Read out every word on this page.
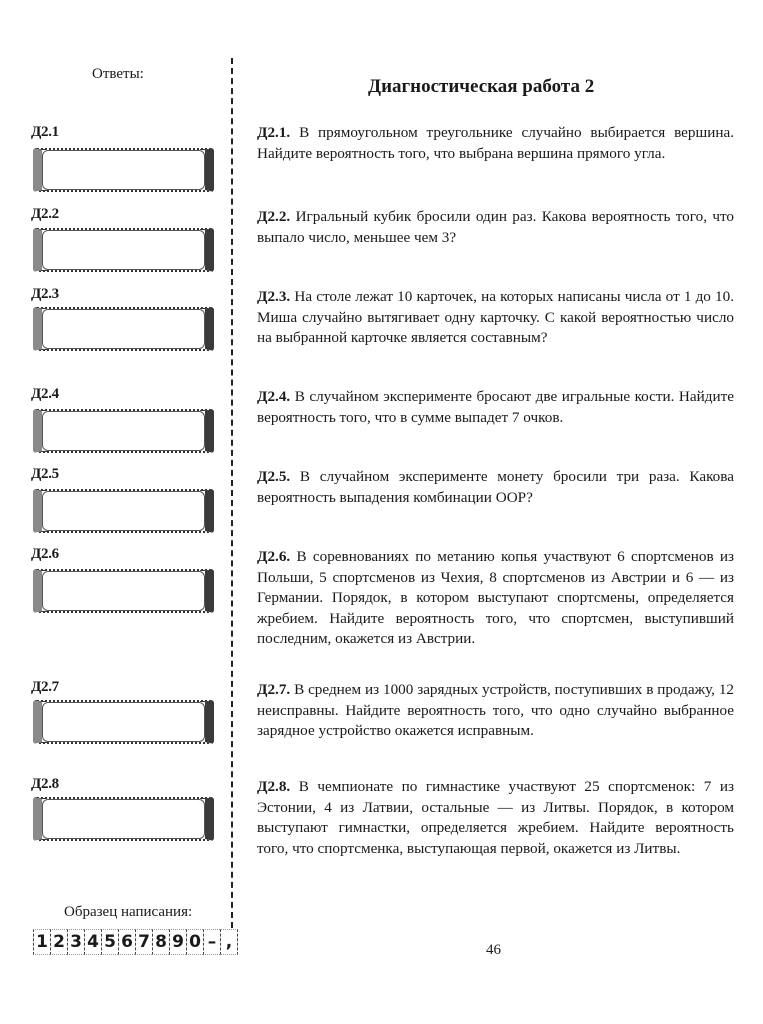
Ответы:
Д2.1
Д2.2
Д2.3
Д2.4
Д2.5
Д2.6
Д2.7
Д2.8
Диагностическая работа 2
Д2.1. В прямоугольном треугольнике случайно выбирается вершина. Найдите вероятность того, что выбрана вершина прямого угла.
Д2.2. Игральный кубик бросили один раз. Какова вероятность того, что выпало число, меньшее чем 3?
Д2.3. На столе лежат 10 карточек, на которых написаны числа от 1 до 10. Миша случайно вытягивает одну карточку. С какой вероятностью число на выбранной карточке является составным?
Д2.4. В случайном эксперименте бросают две игральные кости. Найдите вероятность того, что в сумме выпадет 7 очков.
Д2.5. В случайном эксперименте монету бросили три раза. Какова вероятность выпадения комбинации ООР?
Д2.6. В соревнованиях по метанию копья участвуют 6 спортсменов из Польши, 5 спортсменов из Чехия, 8 спортсменов из Австрии и 6 — из Германии. Порядок, в котором выступают спортсмены, определяется жребием. Найдите вероятность того, что спортсмен, выступивший последним, окажется из Австрии.
Д2.7. В среднем из 1000 зарядных устройств, поступивших в продажу, 12 неисправны. Найдите вероятность того, что одно случайно выбранное зарядное устройство окажется исправным.
Д2.8. В чемпионате по гимнастике участвуют 25 спортсменок: 7 из Эстонии, 4 из Латвии, остальные — из Литвы. Порядок, в котором выступают гимнастки, определяется жребием. Найдите вероятность того, что спортсменка, выступающая первой, окажется из Литвы.
Образец написания:
1 2 3 4 5 6 7 8 9 0 – ,	46
